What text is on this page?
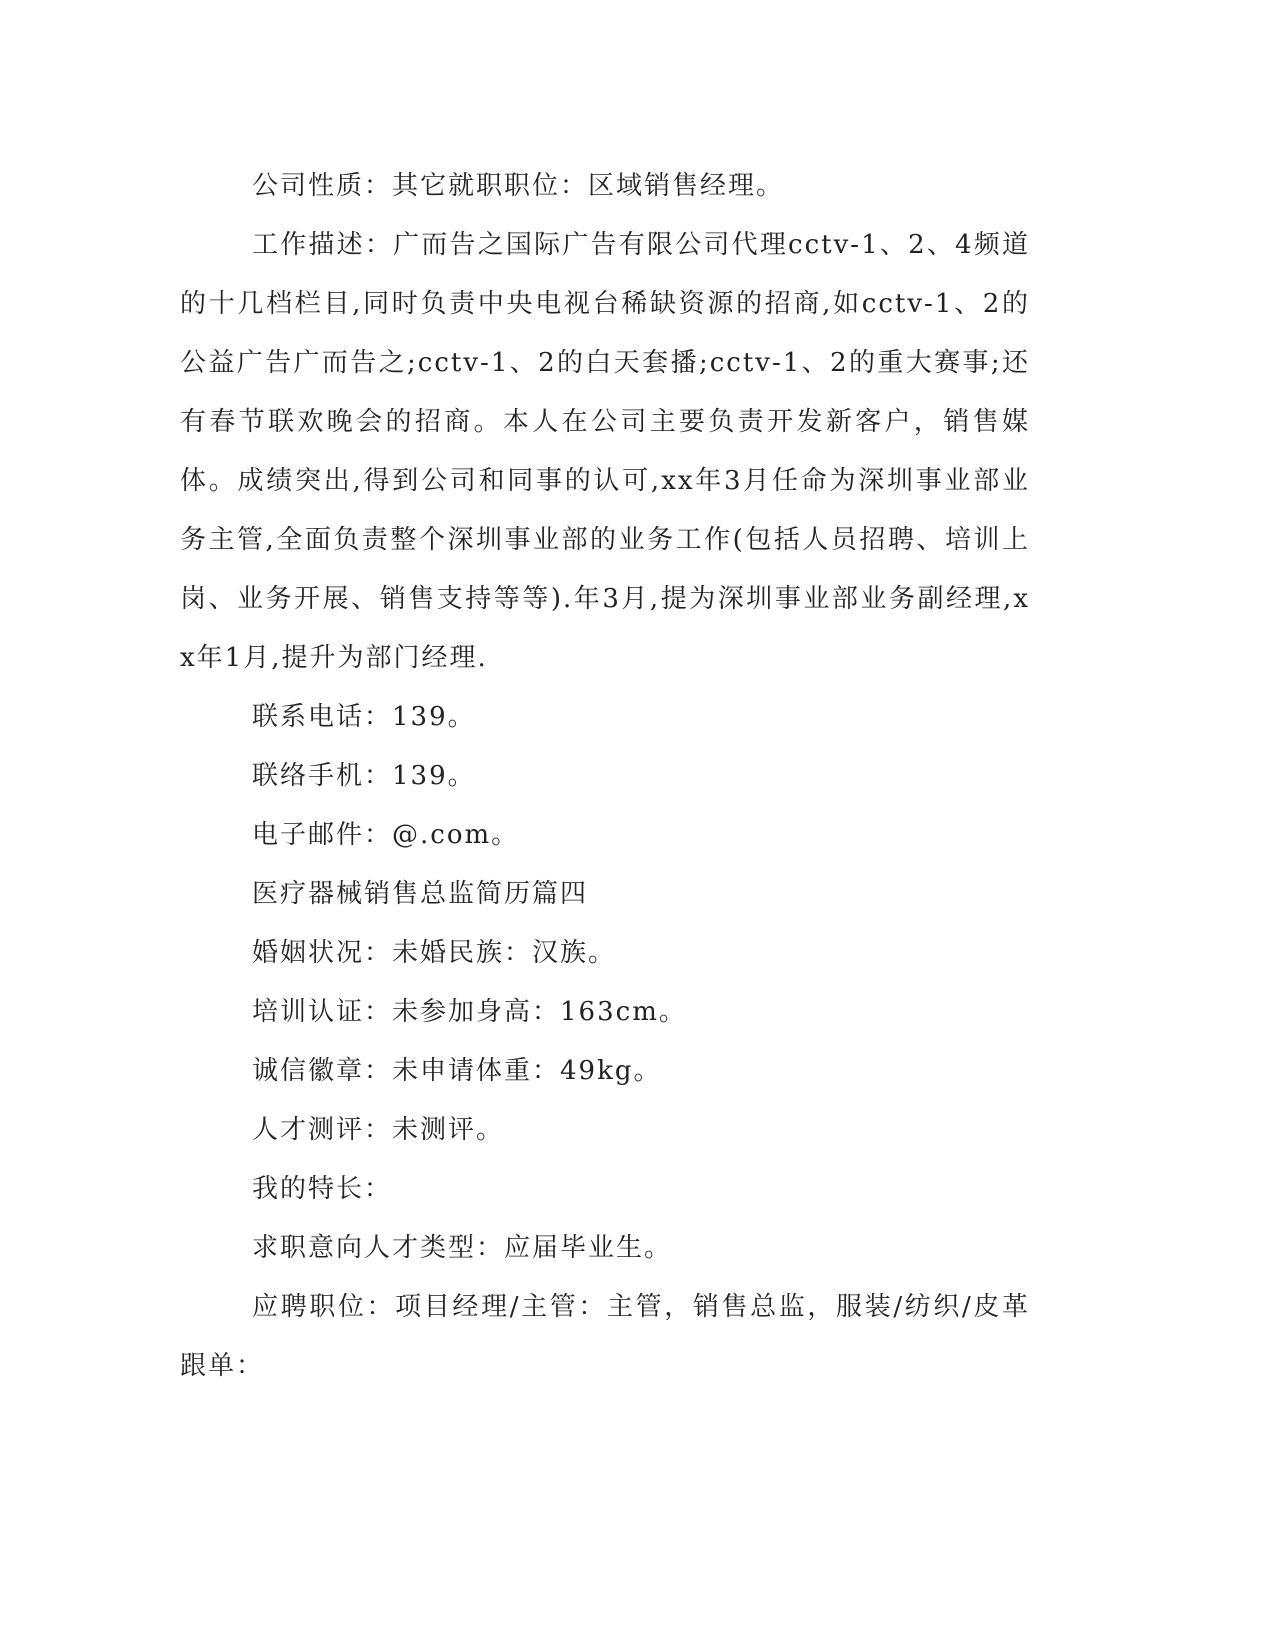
公司性质：其它就职职位：区域销售经理。

工作描述：广而告之国际广告有限公司代理cctv-1、2、4频道的十几档栏目,同时负责中央电视台稀缺资源的招商,如cctv-1、2的公益广告广而告之;cctv-1、2的白天套播;cctv-1、2的重大赛事;还有春节联欢晚会的招商。本人在公司主要负责开发新客户，销售媒体。成绩突出,得到公司和同事的认可,xx年3月任命为深圳事业部业务主管,全面负责整个深圳事业部的业务工作(包括人员招聘、培训上岗、业务开展、销售支持等等).年3月,提为深圳事业部业务副经理,xx年1月,提升为部门经理.

联系电话：139。

联络手机：139。

电子邮件：@.com。

医疗器械销售总监简历篇四

婚姻状况：未婚民族：汉族。

培训认证：未参加身高：163cm。

诚信徽章：未申请体重：49kg。

人才测评：未测评。

我的特长：

求职意向人才类型：应届毕业生。

应聘职位：项目经理/主管：主管，销售总监，服装/纺织/皮革跟单：
